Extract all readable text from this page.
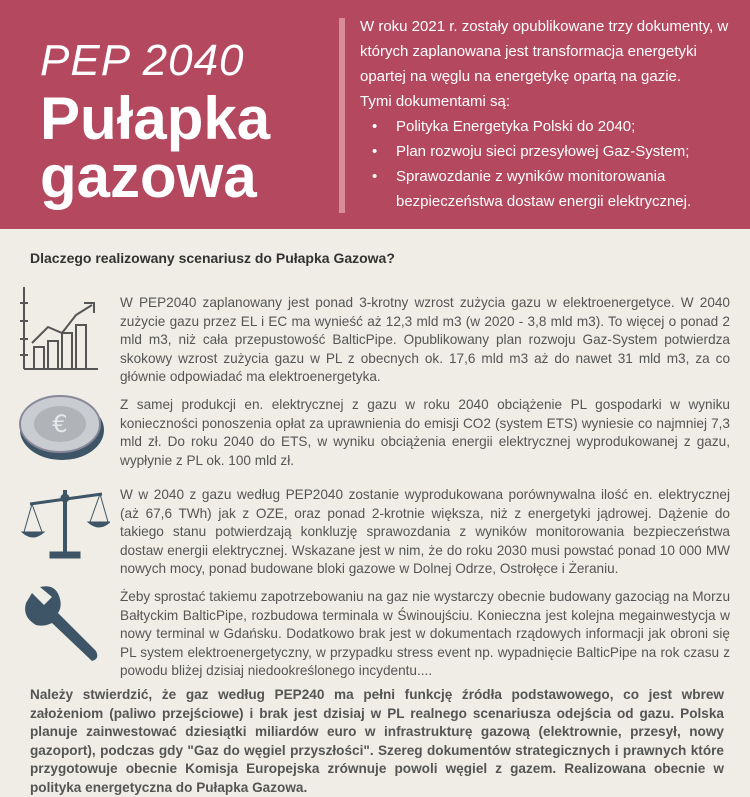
PEP 2040
Pułapka
gazowa

W roku 2021 r. zostały opublikowane trzy dokumenty, w których zaplanowana jest transformacja energetyki opartej na węglu na energetykę opartą na gazie.

Tymi dokumentami są:

• Polityka Energetyka Polski do 2040;
• Plan rozwoju sieci przesyłowej Gaz-System;
• Sprawozdanie z wyników monitorowania bezpieczeństwa dostaw energii elektrycznej.
Dlaczego realizowany scenariusz do Pułapka Gazowa?
€
W PEP2040 zaplanowany jest ponad 3-krotny wzrost zużycia gazu w elektroenergetyce. W 2040 zużycie gazu przez EL i EC ma wynieść aż 12,3 mld m3 (w 2020 - 3,8 mld m3). To więcej o ponad 2 mld m3, niż cała przepustowość BalticPipe. Opublikowany plan rozwoju Gaz-System potwierdza skokowy wzrost zużycia gazu w PL z obecnych ok. 17,6 mld m3 aż do nawet 31 mld m3, za co głównie odpowiadać ma elektroenergetyka.
Z samej produkcji en. elektrycznej z gazu w roku 2040 obciążenie PL gospodarki w wyniku konieczności ponoszenia opłat za uprawnienia do emisji CO2 (system ETS) wyniesie co najmniej 7,3 mld zł. Do roku 2040 do ETS, w wyniku obciążenia energii elektrycznej wyprodukowanej z gazu, wypłynie z PL ok. 100 mld zł.
W w 2040 z gazu według PEP2040 zostanie wyprodukowana porównywalna ilość en. elektrycznej (aż 67,6 TWh) jak z OZE, oraz ponad 2-krotnie większa, niż z energetyki jądrowej. Dążenie do takiego stanu potwierdzają konkluzję sprawozdania z wyników monitorowania bezpieczeństwa dostaw energii elektrycznej. Wskazane jest w nim, że do roku 2030 musi powstać ponad 10 000 MW nowych mocy, ponad budowane bloki gazowe w Dolnej Odrze, Ostrołęce i Żeraniu.
Żeby sprostać takiemu zapotrzebowaniu na gaz nie wystarczy obecnie budowany gazociąg na Morzu Bałtyckim BalticPipe, rozbudowa terminala w Świnoujściu. Konieczna jest kolejna megainwestycja w nowy terminal w Gdańsku. Dodatkowo brak jest w dokumentach rządowych informacji jak obroni się PL system elektroenergetyczny, w przypadku stress event np. wypadnięcie BalticPipe na rok czasu z powodu bliżej dzisiaj niedookreślonego incydentu....
Należy stwierdzić, że gaz według PEP240 ma pełni funkcję źródła podstawowego, co jest wbrew założeniom (paliwo przejściowe) i brak jest dzisiaj w PL realnego scenariusza odejścia od gazu. Polska planuje zainwestować dziesiątki miliardów euro w infrastrukturę gazową (elektrownie, przesył, nowy gazoport), podczas gdy "Gaz do węgiel przyszłości". Szereg dokumentów strategicznych i prawnych które przygotowuje obecnie Komisja Europejska zrównuje powoli węgiel z gazem. Realizowana obecnie w polityka energetyczna do Pułapka Gazowa.
